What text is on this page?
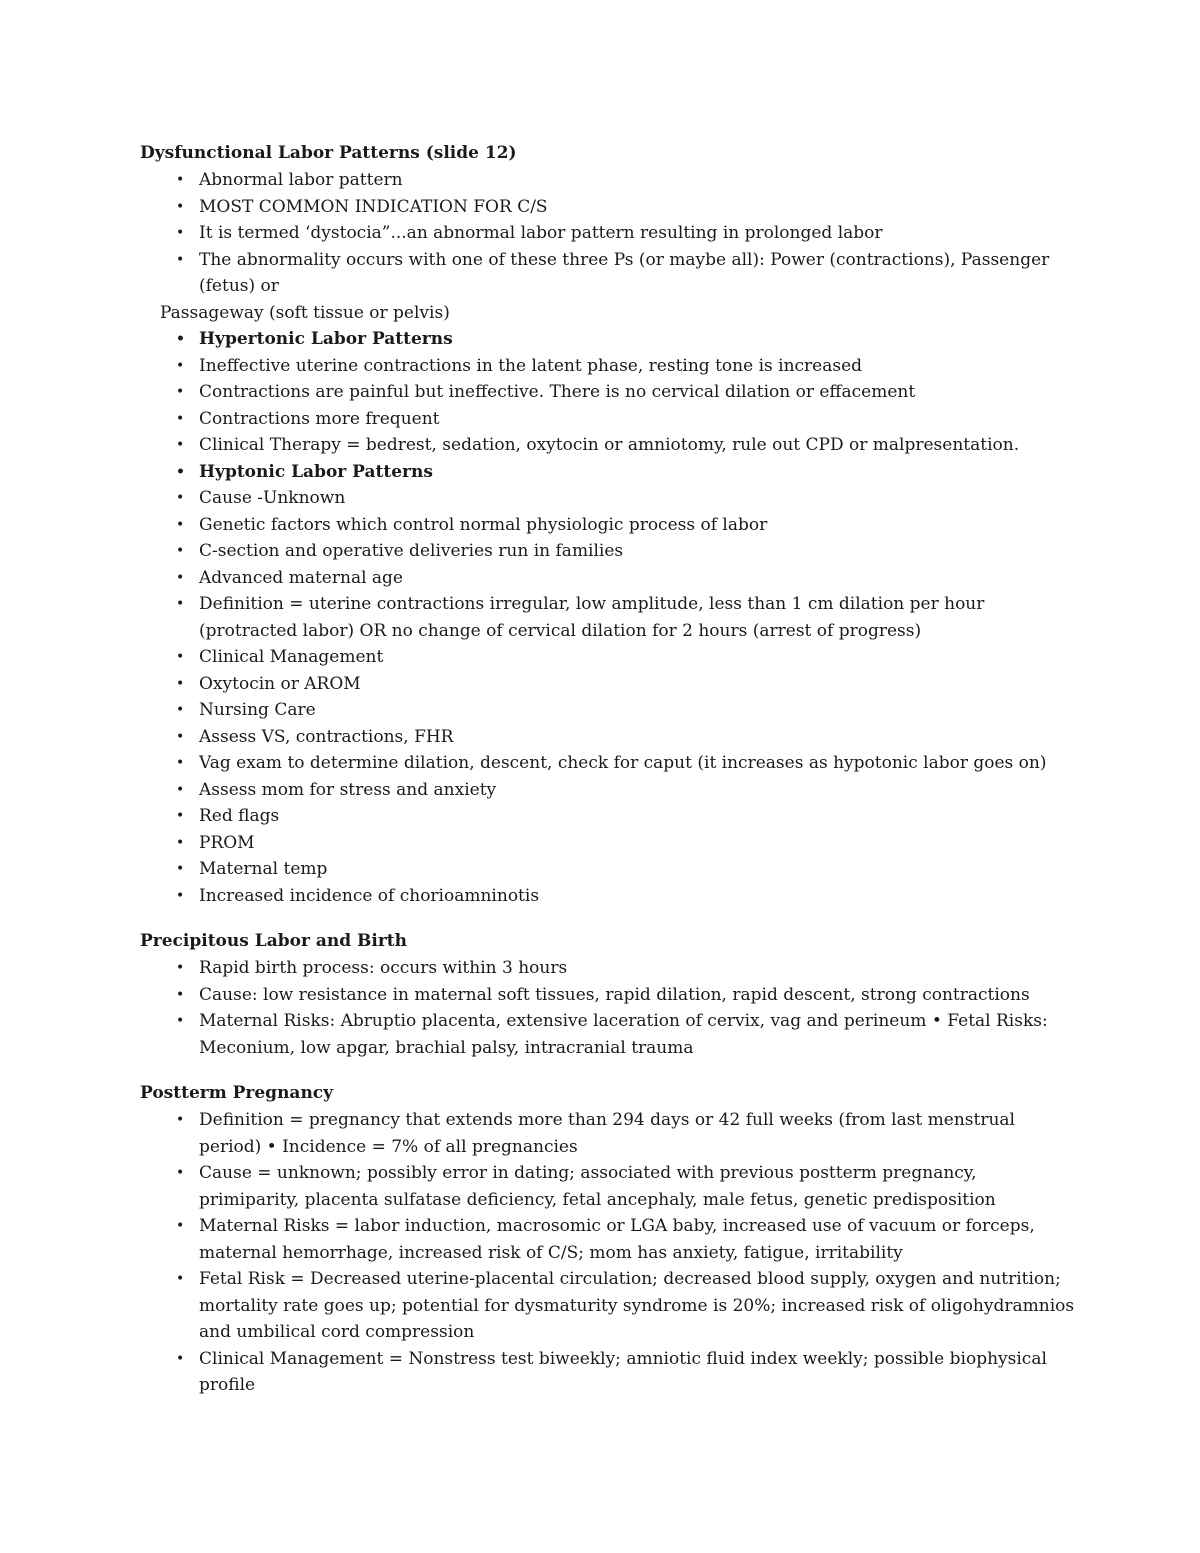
Dysfunctional Labor Patterns (slide 12)

• Abnormal labor pattern
• MOST COMMON INDICATION FOR C/S
• It is termed ‘dystocia”...an abnormal labor pattern resulting in prolonged labor
• The abnormality occurs with one of these three Ps (or maybe all): Power (contractions), Passenger (fetus) or
Passageway (soft tissue or pelvis)
• Hypertonic Labor Patterns
• Ineffective uterine contractions in the latent phase, resting tone is increased
• Contractions are painful but ineffective. There is no cervical dilation or effacement
• Contractions more frequent
• Clinical Therapy = bedrest, sedation, oxytocin or amniotomy, rule out CPD or malpresentation.
• Hyptonic Labor Patterns
• Cause -Unknown
• Genetic factors which control normal physiologic process of labor
• C-section and operative deliveries run in families
• Advanced maternal age
• Definition = uterine contractions irregular, low amplitude, less than 1 cm dilation per hour (protracted labor) OR no change of cervical dilation for 2 hours (arrest of progress)
• Clinical Management
• Oxytocin or AROM
• Nursing Care
• Assess VS, contractions, FHR
• Vag exam to determine dilation, descent, check for caput (it increases as hypotonic labor goes on)
• Assess mom for stress and anxiety
• Red flags
• PROM
• Maternal temp
• Increased incidence of chorioamninotis

Precipitous Labor and Birth

• Rapid birth process: occurs within 3 hours
• Cause: low resistance in maternal soft tissues, rapid dilation, rapid descent, strong contractions
• Maternal Risks: Abruptio placenta, extensive laceration of cervix, vag and perineum • Fetal Risks: Meconium, low apgar, brachial palsy, intracranial trauma

Postterm Pregnancy

• Definition = pregnancy that extends more than 294 days or 42 full weeks (from last menstrual period) • Incidence = 7% of all pregnancies
• Cause = unknown; possibly error in dating; associated with previous postterm pregnancy, primiparity, placenta sulfatase deficiency, fetal ancephaly, male fetus, genetic predisposition
• Maternal Risks = labor induction, macrosomic or LGA baby, increased use of vacuum or forceps, maternal hemorrhage, increased risk of C/S; mom has anxiety, fatigue, irritability
• Fetal Risk = Decreased uterine-placental circulation; decreased blood supply, oxygen and nutrition; mortality rate goes up; potential for dysmaturity syndrome is 20%; increased risk of oligohydramnios and umbilical cord compression
• Clinical Management = Nonstress test biweekly; amniotic fluid index weekly; possible biophysical profile
